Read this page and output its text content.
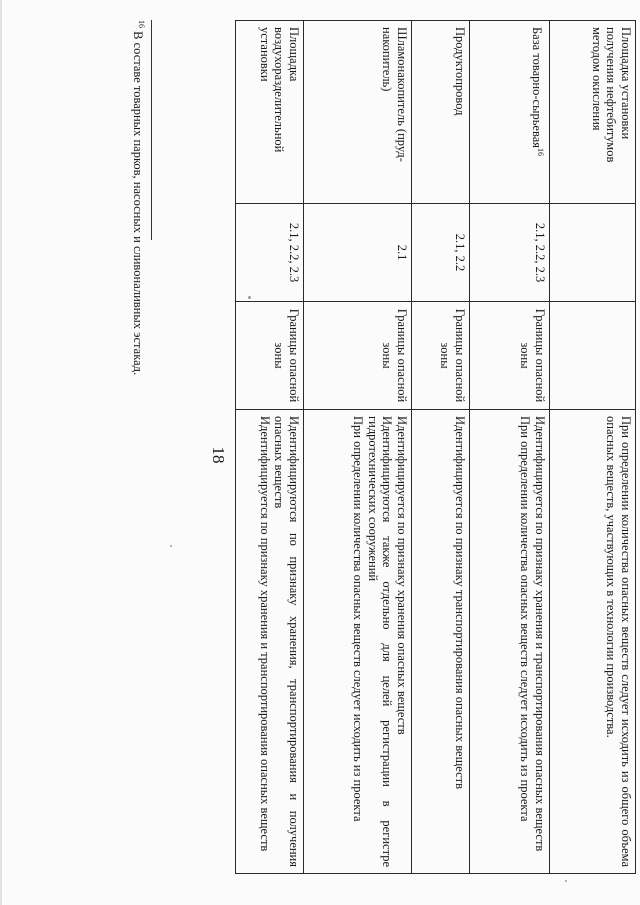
Площадка установки получения нефтебитумов методом окисления			При определении количества опасных веществ следует исходить из общего объема опасных веществ, участвующих в технологии производства.

База товарно-сырьевая$^{16}$	2.1, 2.2, 2.3	Границы опасной зоны	Идентифицируется по признаку хранения и транспортирования опасных веществ

При определении количества опасных веществ следует исходить из проекта

Продуктопровод	2.1, 2.2	Границы опасной зоны	Идентифицируется по признаку транспортирования опасных веществ

Шламонакопитель (пруд-накопитель)	2.1	Границы опасной зоны	Идентифицируется по признаку хранения опасных веществ

Идентифицируются также отдельно для целей регистрации в регистре гидротехнических сооружений

При определении количества опасных веществ следует исходить из проекта

Площадка воздухоразделительной установки	2.1, 2.2, 2.3	Границы опасной зоны	Идентифицируются по признаку хранения, транспортирования и получения опасных веществ

Идентифицируется по признаку хранения и транспортирования опасных веществ

18
$^{16}$ В составе товарных парков, насосных и сливоналивных эстакад.
